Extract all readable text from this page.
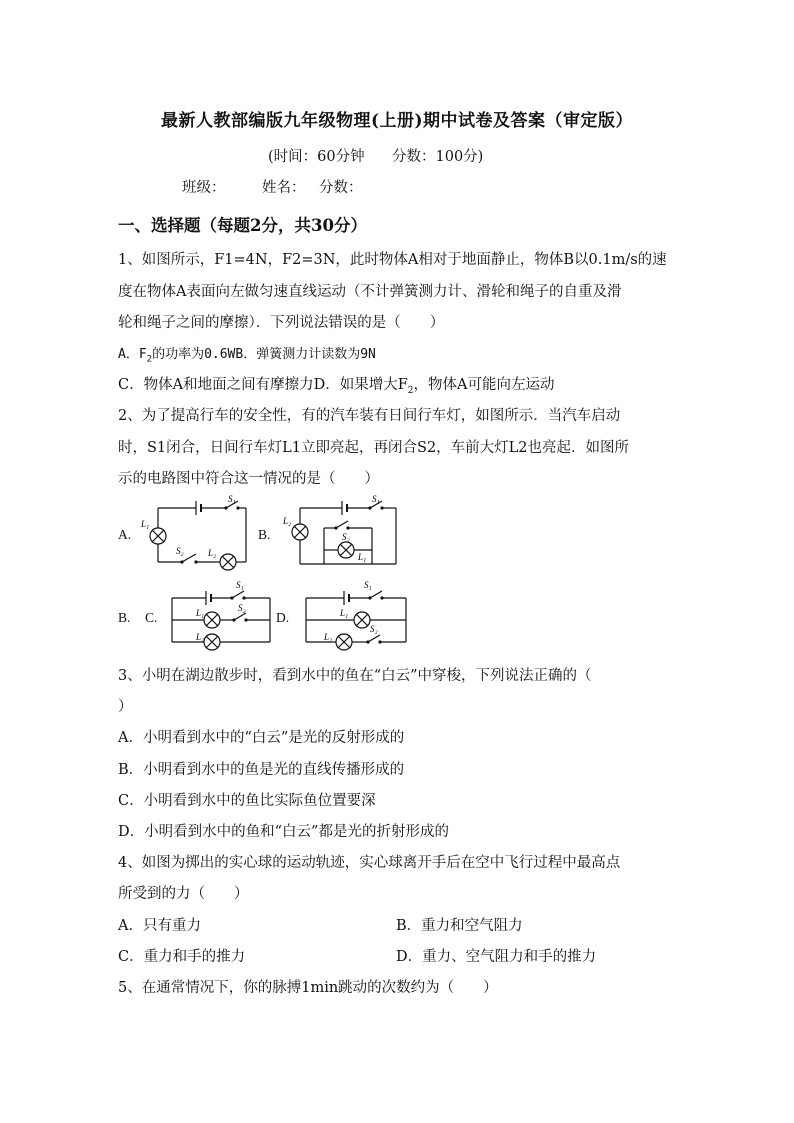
最新人教部编版九年级物理(上册)期中试卷及答案（审定版）
(时间：60分钟 分数：100分)
班级：	姓名： 分数：
一、选择题（每题2分，共30分）
1、如图所示，F1=4N，F2=3N，此时物体A相对于地面静止，物体B以0.1m/s的速
度在物体A表面向左做匀速直线运动（不计弹簧测力计、滑轮和绳子的自重及滑
轮和绳子之间的摩擦）．下列说法错误的是（　　）
A．$F_2$的功率为0.6WB．弹簧测力计读数为9N
C．物体A和地面之间有摩擦力D．如果增大$F_2$，物体A可能向左运动
2、为了提高行车的安全性，有的汽车装有日间行车灯，如图所示．当汽车启动
时，S1闭合，日间行车灯L1立即亮起，再闭合S2，车前大灯L2也亮起．如图所
示的电路图中符合这一情况的是（　　）
A.
S₁
L₁
S₂	L₂
B.
S₁
L₂
S₂
L₁
B. C.
S₁
L₁	S₂
L₂
D.
S₁
L₁
S₂
L₂
3、小明在湖边散步时，看到水中的鱼在“白云”中穿梭，下列说法正确的（
）
A．小明看到水中的“白云”是光的反射形成的
B．小明看到水中的鱼是光的直线传播形成的
C．小明看到水中的鱼比实际鱼位置要深
D．小明看到水中的鱼和“白云”都是光的折射形成的
4、如图为掷出的实心球的运动轨迹，实心球离开手后在空中飞行过程中最高点
所受到的力（　　）
A．只有重力	B．重力和空气阻力
C．重力和手的推力	D．重力、空气阻力和手的推力
5、在通常情况下，你的脉搏1min跳动的次数约为（　　）
